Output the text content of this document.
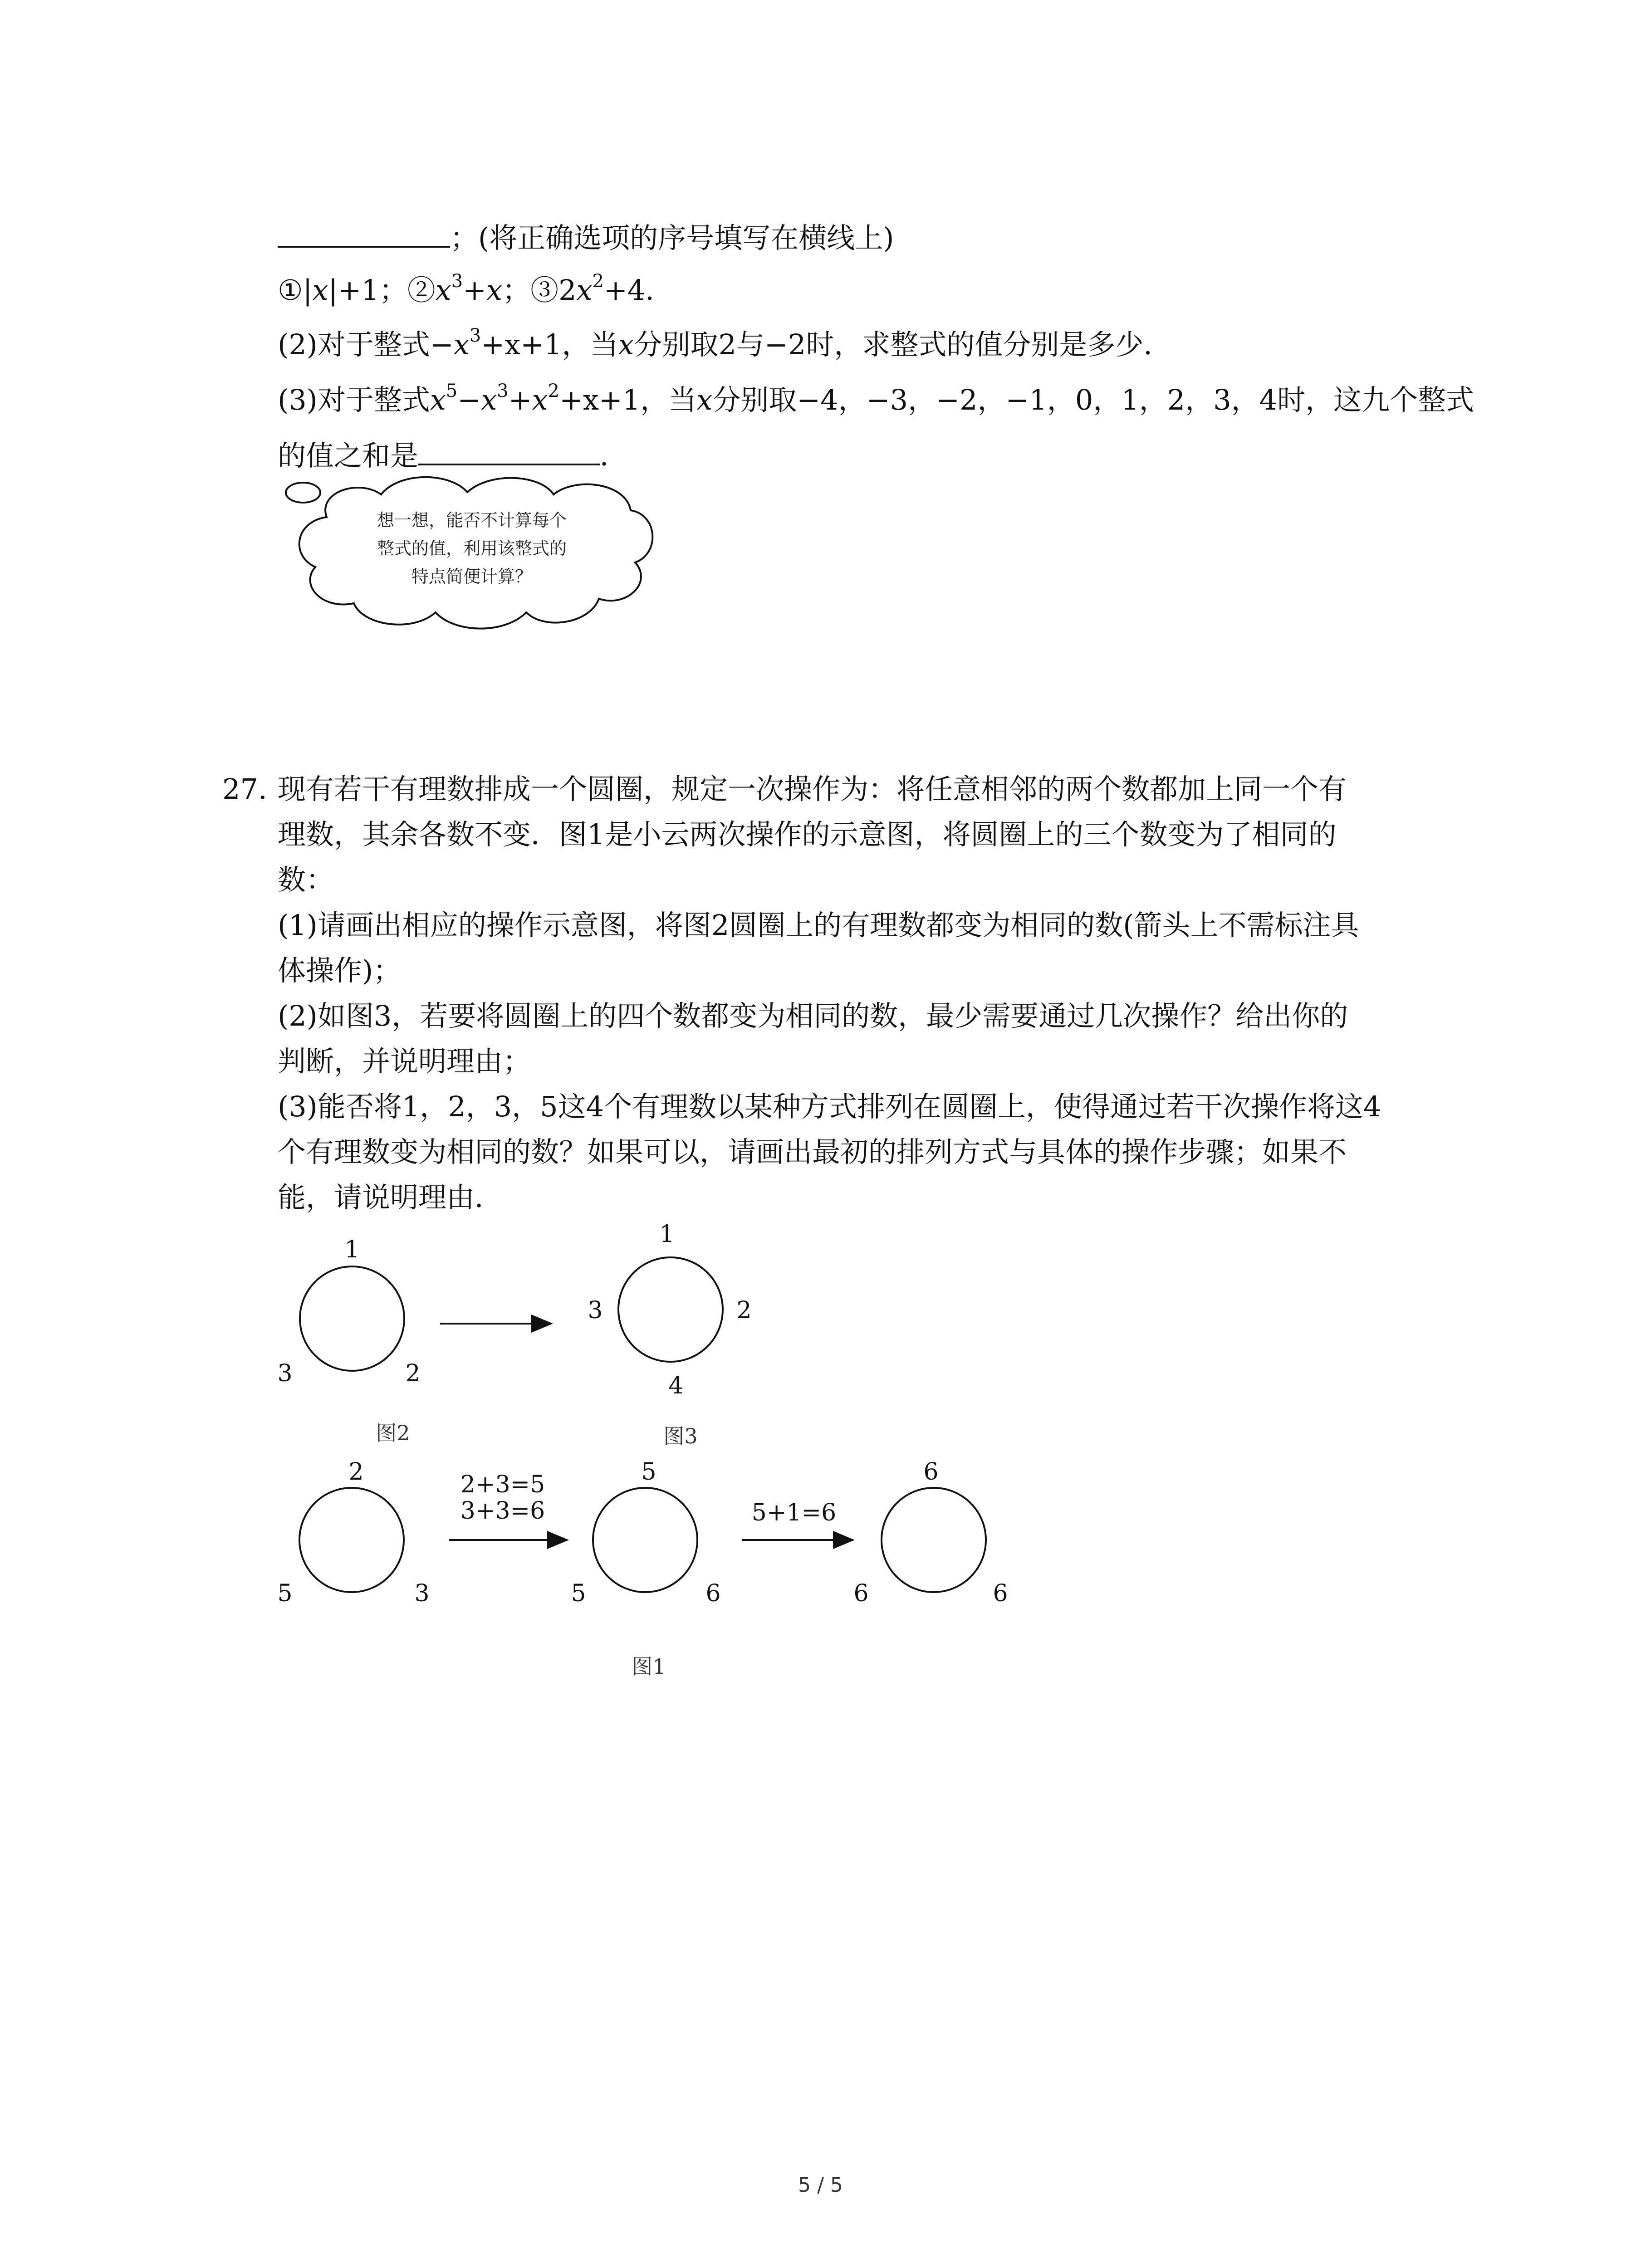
；(将正确选项的序号填写在横线上)
①|x|+1；$②x^3+x$；$③2x^2+4$．
(2)对于整式$-x^3+x+1$，当x分别取2与−2时，求整式的值分别是多少．
(3)对于整式$x^5-x^3+x^2+x+1$，当x分别取−4，−3，−2，−1，0，1，2，3，4时，这九个整式
的值之和是	．
27. 现有若干有理数排成一个圆圈，规定一次操作为：将任意相邻的两个数都加上同一个有
理数，其余各数不变．图1是小云两次操作的示意图，将圆圈上的三个数变为了相同的
数：
(1)请画出相应的操作示意图，将图2圆圈上的有理数都变为相同的数(箭头上不需标注具
体操作)；
(2)如图3，若要将圆圈上的四个数都变为相同的数，最少需要通过几次操作？给出你的
判断，并说明理由；
(3)能否将1，2，3，5这4个有理数以某种方式排列在圆圈上，使得通过若干次操作将这4
个有理数变为相同的数？如果可以，请画出最初的排列方式与具体的操作步骤；如果不
能，请说明理由．
想一想，能否不计算每个
整式的值，利用该整式的
特点简便计算？
1
3	2
图2
1
3	2
4
图3
2
5	3
2+3=5
3+3=6
5
5	6
5+1=6
6
6	6
图1
5 / 5
